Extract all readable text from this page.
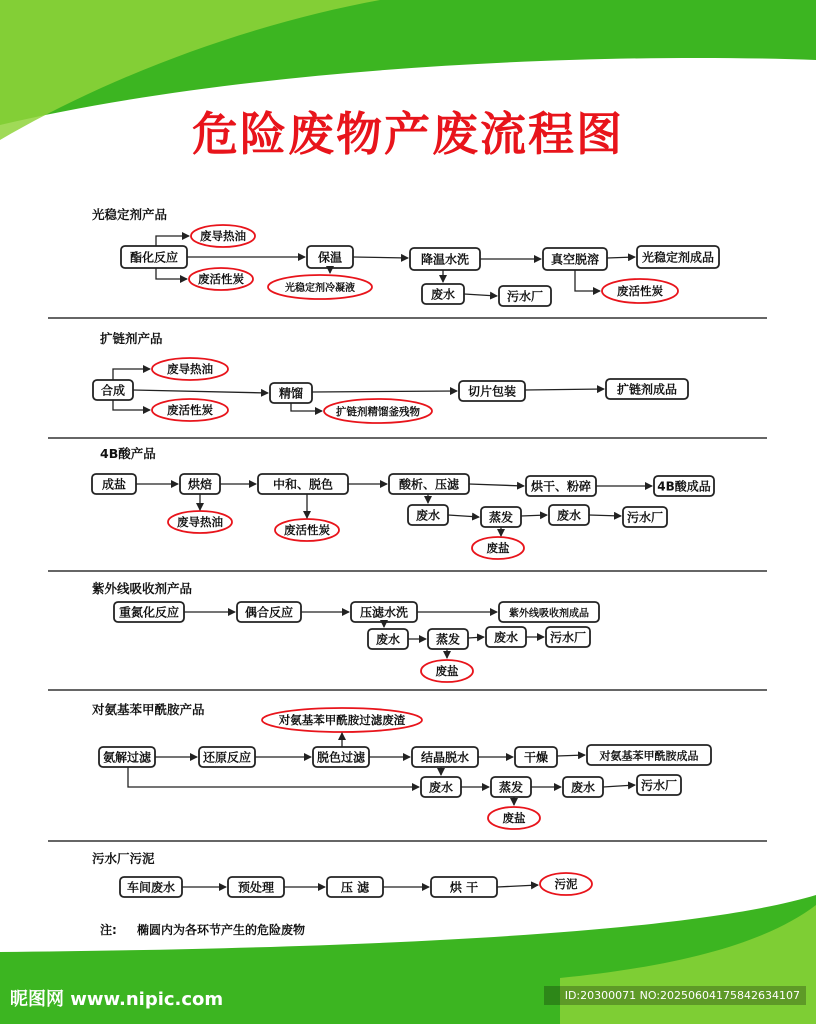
光稳定剂产品
酯化反应	保温	降温水洗	真空脱溶	光稳定剂成品
废水	污水厂
废导热油
废活性炭
光稳定剂冷凝液	废活性炭
扩链剂产品
合成	精馏	切片包装	扩链剂成品
废导热油
废活性炭	扩链剂精馏釜残物
4B酸产品
成盐	烘焙	中和、脱色	酸析、压滤	烘干、粉碎	4B酸成品
废水	蒸发	废水	污水厂
废导热油
废活性炭
废盐
紫外线吸收剂产品
重氮化反应	偶合反应	压滤水洗	紫外线吸收剂成品
废水	蒸发	废水	污水厂
废盐
对氨基苯甲酰胺产品
氨解过滤	还原反应	脱色过滤	结晶脱水	干燥	对氨基苯甲酰胺成品
废水	蒸发	废水	污水厂
对氨基苯甲酰胺过滤废渣
废盐
污水厂污泥
车间废水	预处理	压 滤	烘 干	污泥
注: 椭圆内为各环节产生的危险废物
危险废物产废流程图
昵图网 www.nipic.com	ID:20300071 NO:20250604175842634107
